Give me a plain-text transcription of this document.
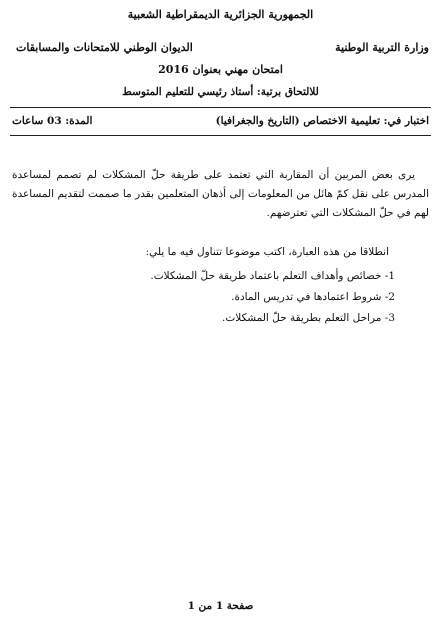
الجمهورية الجزائرية الديمقراطية الشعبية
وزارة التربية الوطنية
الديوان الوطني للامتحانات والمسابقات
امتحان مهني بعنوان 2016
للالتحاق برتبة: أستاذ رئيسي للتعليم المتوسط
اختبار في: تعليمية الاختصاص (التاريخ والجغرافيا)
المدة: 03 ساعات
يرى بعض المربين أن المقاربة التي تعتمد على طريقة حلّ المشكلات لم تصمم لمساعدة المدرس على نقل كمّ هائل من المعلومات إلى أذهان المتعلمين بقدر ما صممت لتقديم المساعدة لهم في حلّ المشكلات التي تعترضهم.
انطلاقا من هذه العبارة، اكتب موضوعا تتناول فيه ما يلي:
1- خصائص وأهداف التعلم باعتماد طريقة حلّ المشكلات.
2- شروط اعتمادها في تدريس المادة.
3- مراحل التعلم بطريقة حلّ المشكلات.
صفحة 1 من 1
